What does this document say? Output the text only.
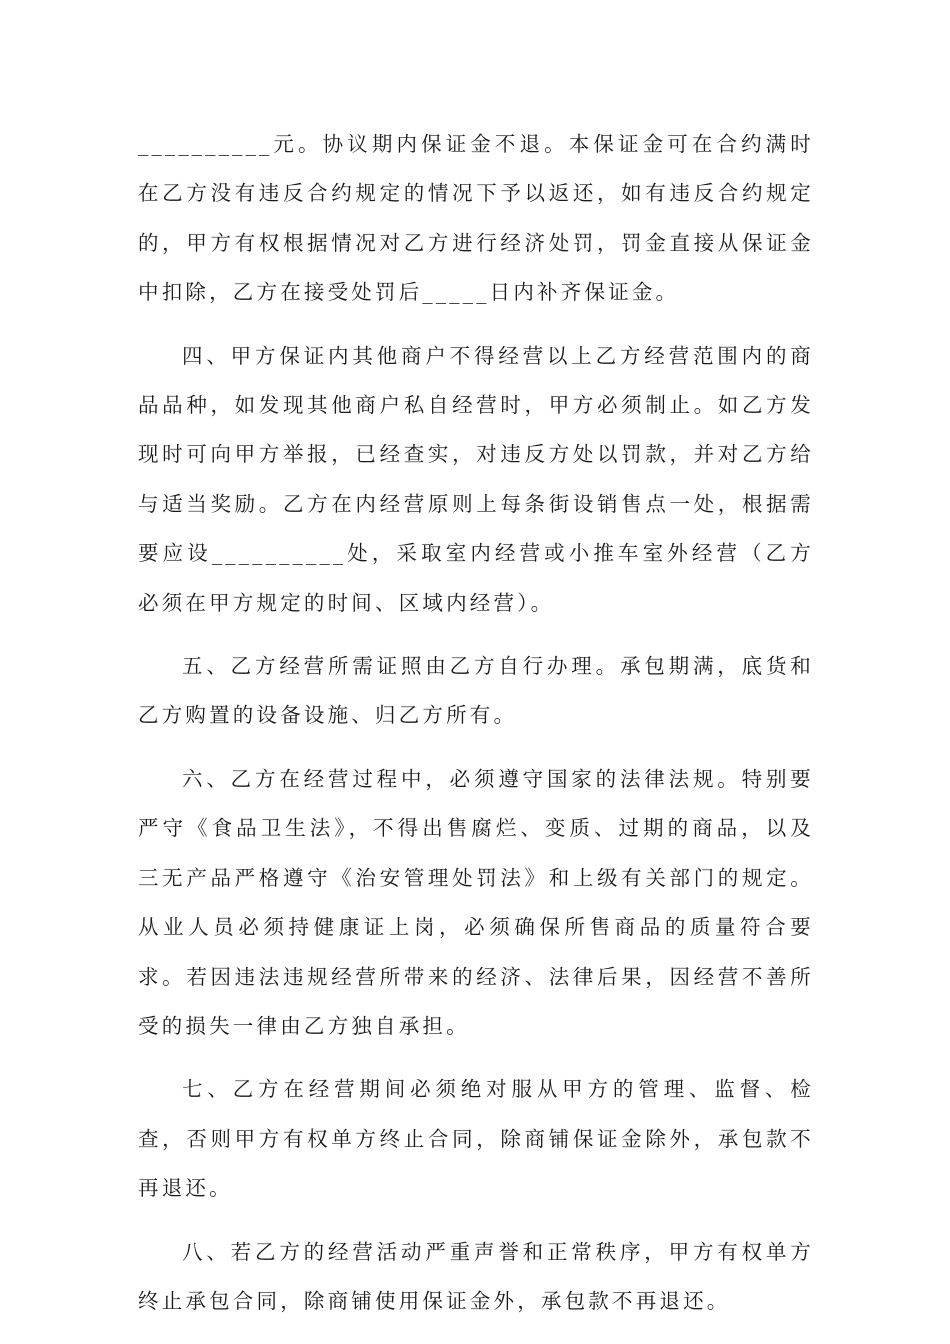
__________元。协议期内保证金不退。本保证金可在合约满时在乙方没有违反合约规定的情况下予以返还，如有违反合约规定的，甲方有权根据情况对乙方进行经济处罚，罚金直接从保证金中扣除，乙方在接受处罚后_____日内补齐保证金。

四、甲方保证内其他商户不得经营以上乙方经营范围内的商品品种，如发现其他商户私自经营时，甲方必须制止。如乙方发现时可向甲方举报，已经查实，对违反方处以罚款，并对乙方给与适当奖励。乙方在内经营原则上每条街设销售点一处，根据需要应设__________处，采取室内经营或小推车室外经营（乙方必须在甲方规定的时间、区域内经营）。

五、乙方经营所需证照由乙方自行办理。承包期满，底货和乙方购置的设备设施、归乙方所有。

六、乙方在经营过程中，必须遵守国家的法律法规。特别要严守《食品卫生法》，不得出售腐烂、变质、过期的商品，以及三无产品严格遵守《治安管理处罚法》和上级有关部门的规定。从业人员必须持健康证上岗，必须确保所售商品的质量符合要求。若因违法违规经营所带来的经济、法律后果，因经营不善所受的损失一律由乙方独自承担。

七、乙方在经营期间必须绝对服从甲方的管理、监督、检查，否则甲方有权单方终止合同，除商铺保证金除外，承包款不再退还。

八、若乙方的经营活动严重声誉和正常秩序，甲方有权单方终止承包合同，除商铺使用保证金外，承包款不再退还。
